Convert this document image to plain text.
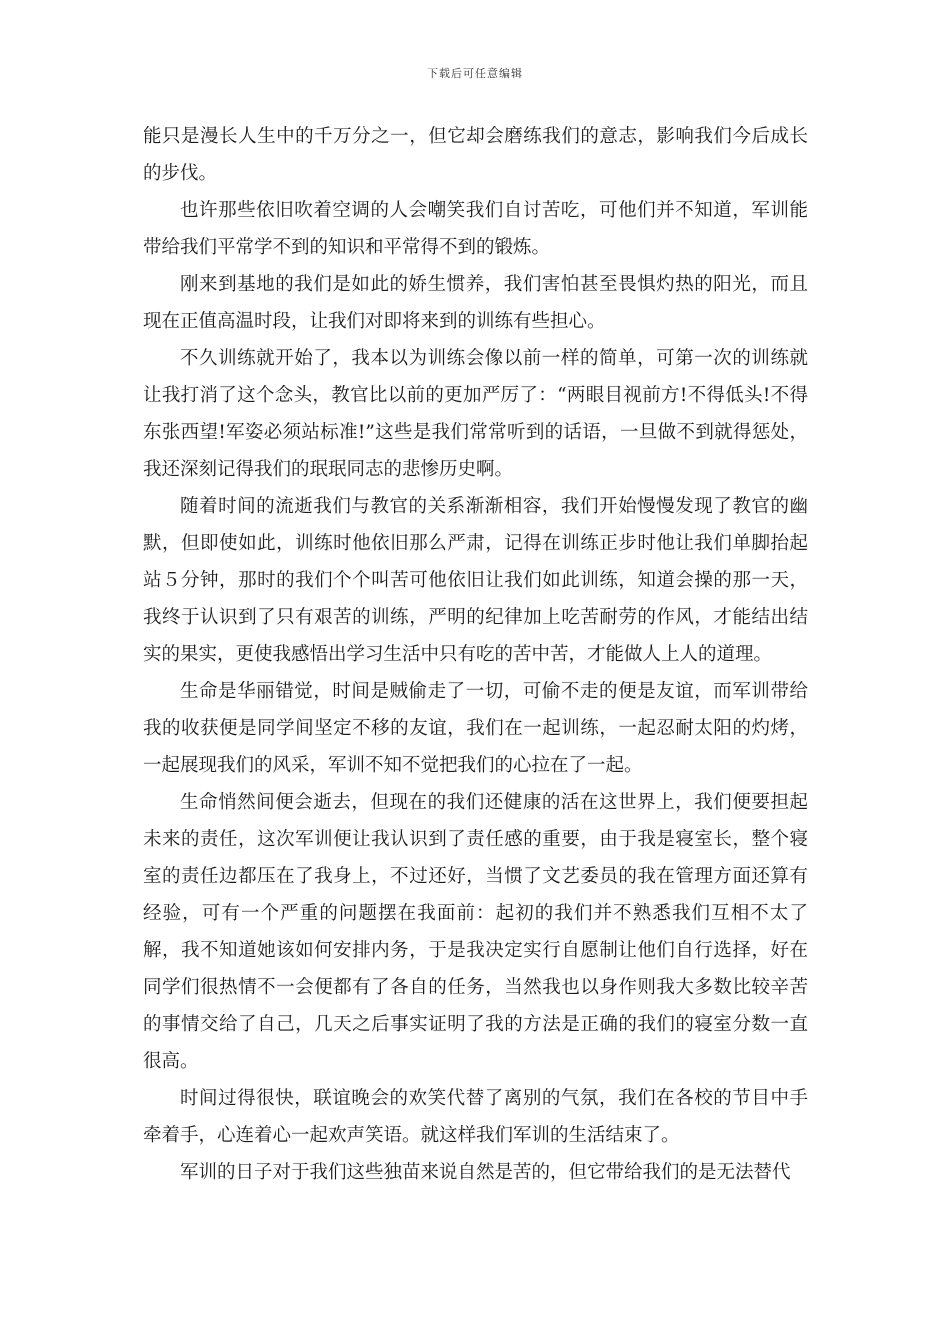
下载后可任意编辑

能只是漫长人生中的千万分之一，但它却会磨练我们的意志，影响我们今后成长的步伐。

也许那些依旧吹着空调的人会嘲笑我们自讨苦吃，可他们并不知道，军训能带给我们平常学不到的知识和平常得不到的锻炼。

刚来到基地的我们是如此的娇生惯养，我们害怕甚至畏惧灼热的阳光，而且现在正值高温时段，让我们对即将来到的训练有些担心。

不久训练就开始了，我本以为训练会像以前一样的简单，可第一次的训练就让我打消了这个念头，教官比以前的更加严厉了：“两眼目视前方!不得低头!不得东张西望!军姿必须站标准!”这些是我们常常听到的话语，一旦做不到就得惩处，我还深刻记得我们的珉珉同志的悲惨历史啊。

随着时间的流逝我们与教官的关系渐渐相容，我们开始慢慢发现了教官的幽默，但即使如此，训练时他依旧那么严肃，记得在训练正步时他让我们单脚抬起站５分钟，那时的我们个个叫苦可他依旧让我们如此训练，知道会操的那一天，我终于认识到了只有艰苦的训练，严明的纪律加上吃苦耐劳的作风，才能结出结实的果实，更使我感悟出学习生活中只有吃的苦中苦，才能做人上人的道理。

生命是华丽错觉，时间是贼偷走了一切，可偷不走的便是友谊，而军训带给我的收获便是同学间坚定不移的友谊，我们在一起训练，一起忍耐太阳的灼烤，一起展现我们的风采，军训不知不觉把我们的心拉在了一起。

生命悄然间便会逝去，但现在的我们还健康的活在这世界上，我们便要担起未来的责任，这次军训便让我认识到了责任感的重要，由于我是寝室长，整个寝室的责任边都压在了我身上，不过还好，当惯了文艺委员的我在管理方面还算有经验，可有一个严重的问题摆在我面前：起初的我们并不熟悉我们互相不太了解，我不知道她该如何安排内务，于是我决定实行自愿制让他们自行选择，好在同学们很热情不一会便都有了各自的任务，当然我也以身作则我大多数比较辛苦的事情交给了自己，几天之后事实证明了我的方法是正确的我们的寝室分数一直很高。

时间过得很快，联谊晚会的欢笑代替了离别的气氛，我们在各校的节目中手牵着手，心连着心一起欢声笑语。就这样我们军训的生活结束了。

军训的日子对于我们这些独苗来说自然是苦的，但它带给我们的是无法替代
